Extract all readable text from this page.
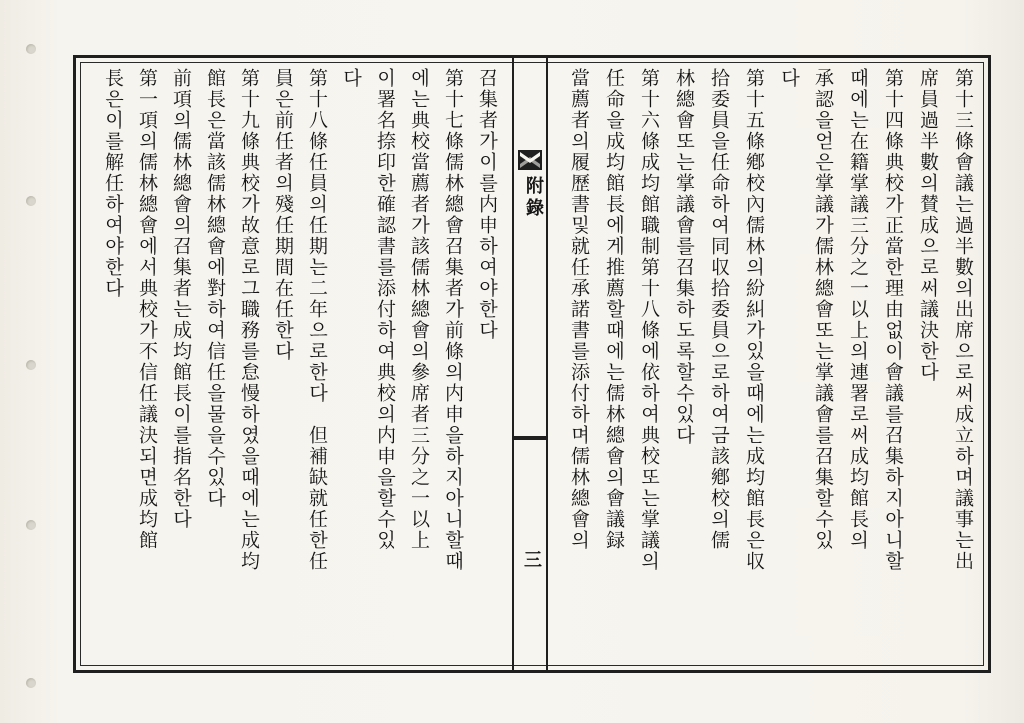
附錄
三	第十三條會議는過半數의出席으로써成立하며議事는出
席員過半數의賛成으로써議決한다
第十四條典校가正當한理由없이會議를召集하지아니할
때에는在籍掌議三分之一以上의連署로써成均館長의
承認을얻은掌議가儒林總會또는掌議會를召集할수있
다
第十五條鄕校內儒林의紛糾가있을때에는成均館長은収
拾委員을任命하여同収拾委員으로하여금該鄕校의儒
林總會또는掌議會를召集하도록할수있다
第十六條成均館職制第十八條에依하여典校또는掌議의
任命을成均館長에게推薦할때에는儒林總會의會議録
當薦者의履歷書및就任承諾書를添付하며儒林總會의
召集者가이를内申하여야한다
第十七條儒林總會召集者가前條의内申을하지아니할때
에는典校當薦者가該儒林總會의參席者三分之一以上
이署名捺印한確認書를添付하여典校의内申을할수있
다
第十八條任員의任期는二年으로한다　但補缺就任한任
員은前任者의殘任期間在任한다
第十九條典校가故意로그職務를怠慢하였을때에는成均
館長은當該儒林總會에對하여信任을물을수있다
前項의儒林總會의召集者는成均館長이를指名한다
第一項의儒林總會에서典校가不信任議決되면成均館
長은이를解任하여야한다
